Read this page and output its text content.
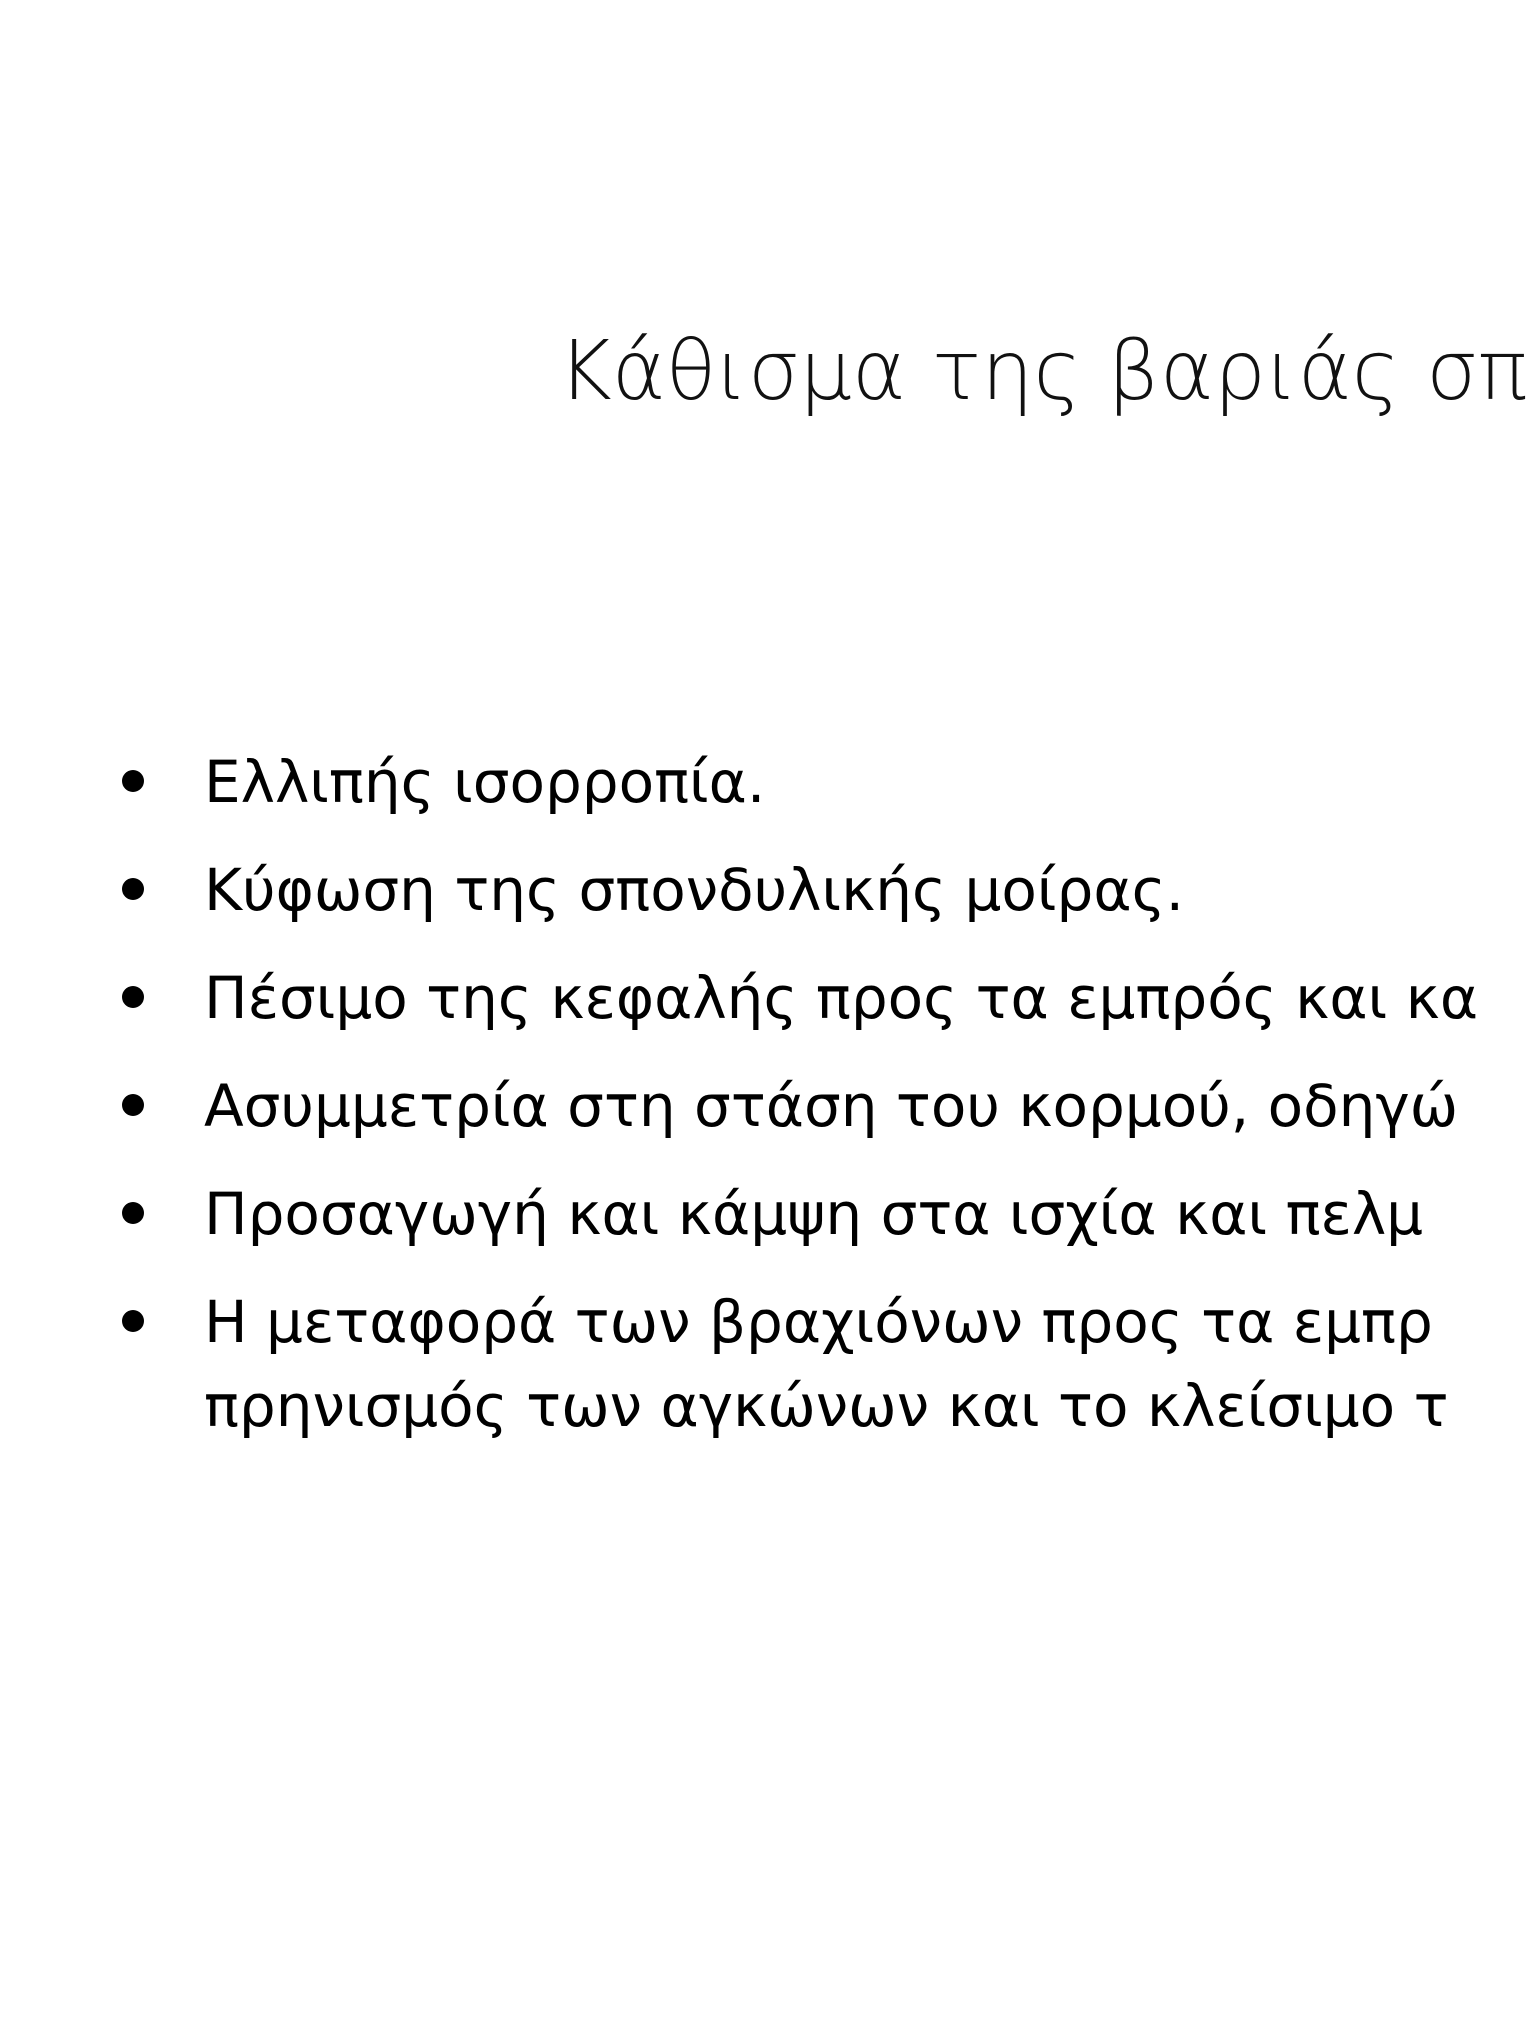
Κάθισμα της βαριάς σπ
Ελλιπής ισορροπία.
Κύφωση της σπονδυλικής μοίρας.
Πέσιμο της κεφαλής προς τα εμπρός και κα
Ασυμμετρία στη στάση του κορμού, οδηγώ
Προσαγωγή και κάμψη στα ισχία και πελμ
Η μεταφορά των βραχιόνων προς τα εμπρ
πρηνισμός των αγκώνων και το κλείσιμο τ
